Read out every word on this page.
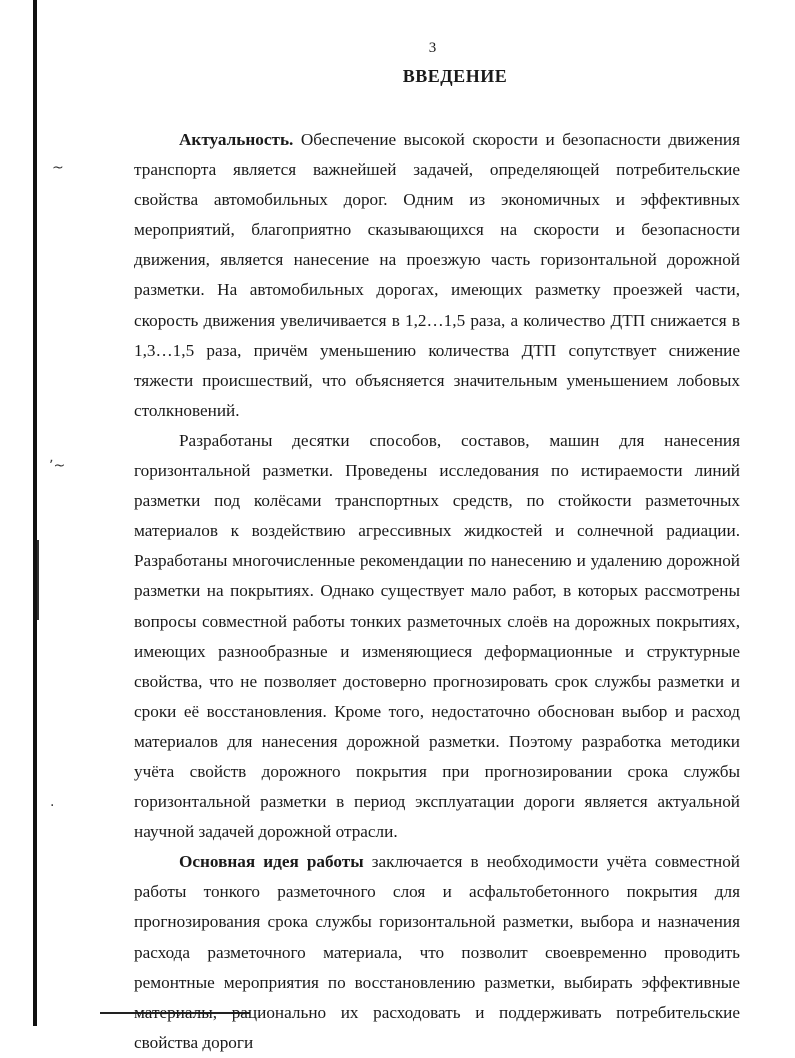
~
ʼ~
·
3
ВВЕДЕНИЕ

Актуальность. Обеспечение высокой скорости и безопасности движения транспорта является важнейшей задачей, определяющей потребительские свойства автомобильных дорог. Одним из экономичных и эффективных мероприятий, благоприятно сказывающихся на скорости и безопасности движения, является нанесение на проезжую часть горизонтальной дорожной разметки. На автомобильных дорогах, имеющих разметку проезжей части, скорость движения увеличивается в 1,2…1,5 раза, а количество ДТП снижается в 1,3…1,5 раза, причём уменьшению количества ДТП сопутствует снижение тяжести происшествий, что объясняется значительным уменьшением лобовых столкновений.

Разработаны десятки способов, составов, машин для нанесения горизонтальной разметки. Проведены исследования по истираемости линий разметки под колёсами транспортных средств, по стойкости разметочных материалов к воздействию агрессивных жидкостей и солнечной радиации. Разработаны многочисленные рекомендации по нанесению и удалению дорожной разметки на покрытиях. Однако существует мало работ, в которых рассмотрены вопросы совместной работы тонких разметочных слоёв на дорожных покрытиях, имеющих разнообразные и изменяющиеся деформационные и структурные свойства, что не позволяет достоверно прогнозировать срок службы разметки и сроки её восстановления. Кроме того, недостаточно обоснован выбор и расход материалов для нанесения дорожной разметки. Поэтому разработка методики учёта свойств дорожного покрытия при прогнозировании срока службы горизонтальной разметки в период эксплуатации дороги является актуальной научной задачей дорожной отрасли.

Основная идея работы заключается в необходимости учёта совместной работы тонкого разметочного слоя и асфальтобетонного покрытия для прогнозирования срока службы горизонтальной разметки, выбора и назначения расхода разметочного материала, что позволит своевременно проводить ремонтные мероприятия по восстановлению разметки, выбирать эффективные материалы, рационально их расходовать и поддерживать потребительские свойства дороги
